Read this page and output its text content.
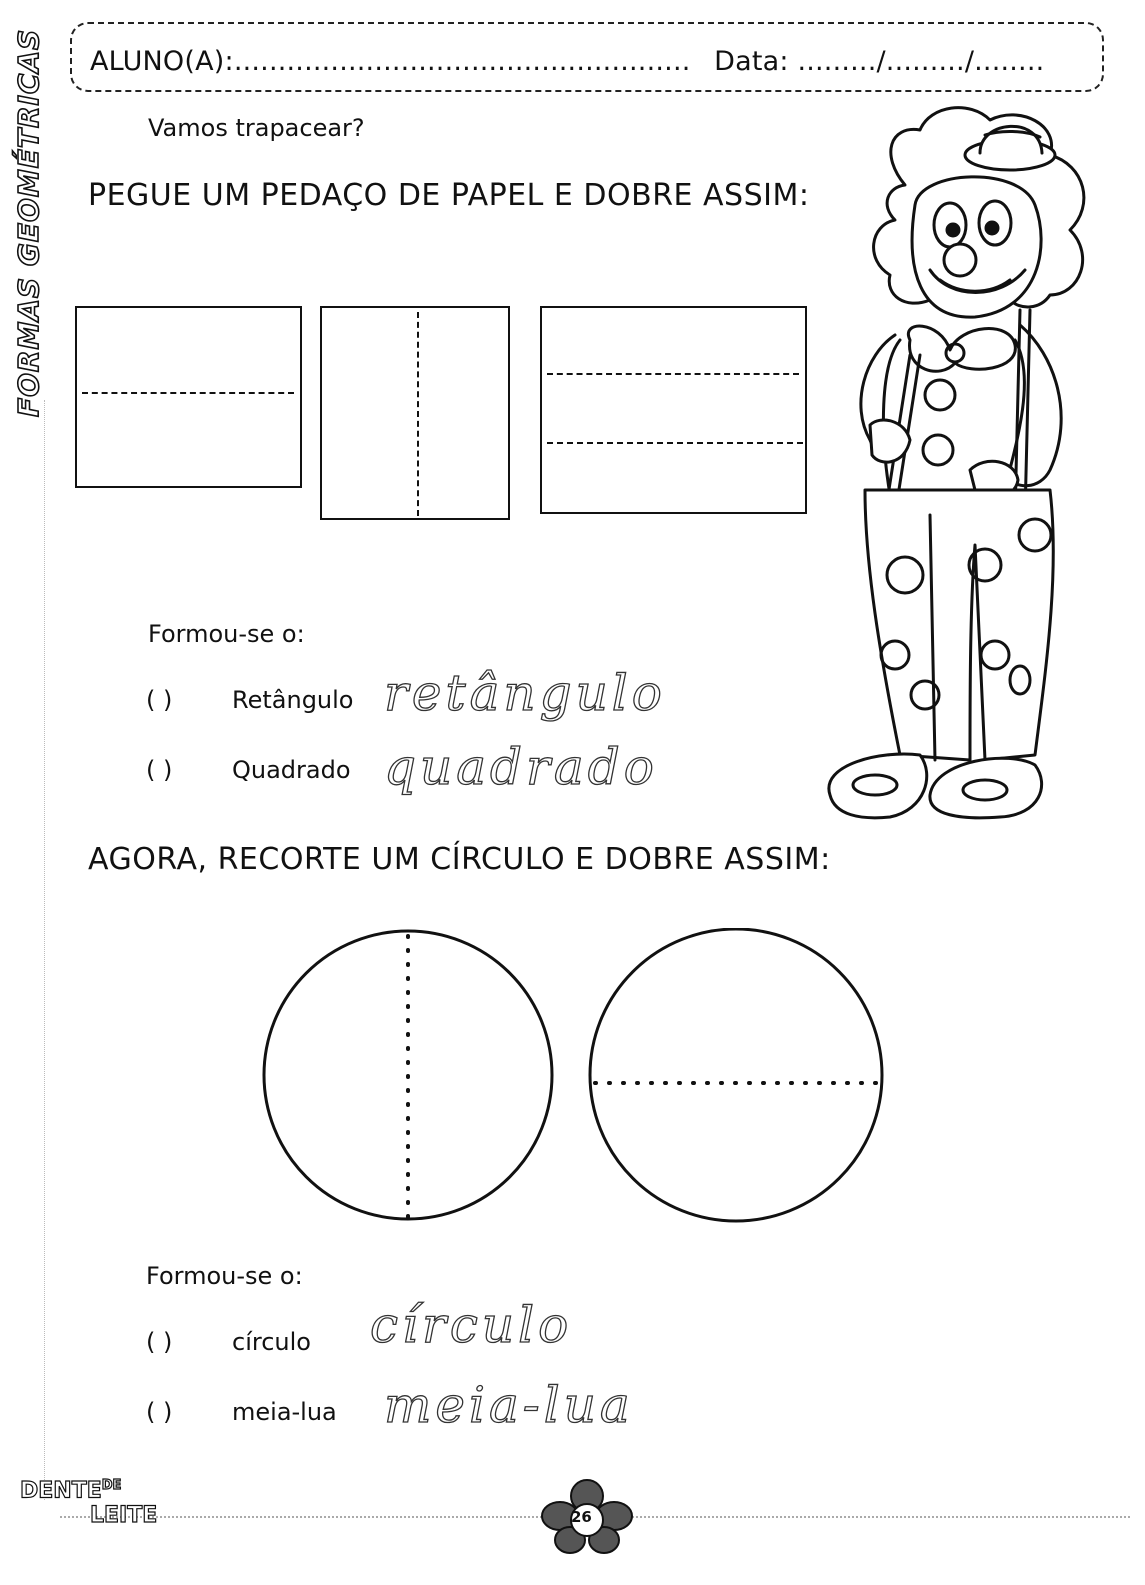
ALUNO(A):.................................................... Data: ........./........./........
FORMAS GEOMÉTRICAS	Vamos trapacear?
PEGUE UM PEDAÇO DE PAPEL E DOBRE ASSIM:
Formou-se o:
( ) Retângulo retângulo
( ) Quadrado quadrado
AGORA, RECORTE UM CÍRCULO E DOBRE ASSIM:
Formou-se o:
( ) círculo círculo
( ) meia-lua meia-lua
$DENTE^{DE}$
LEITE	26
